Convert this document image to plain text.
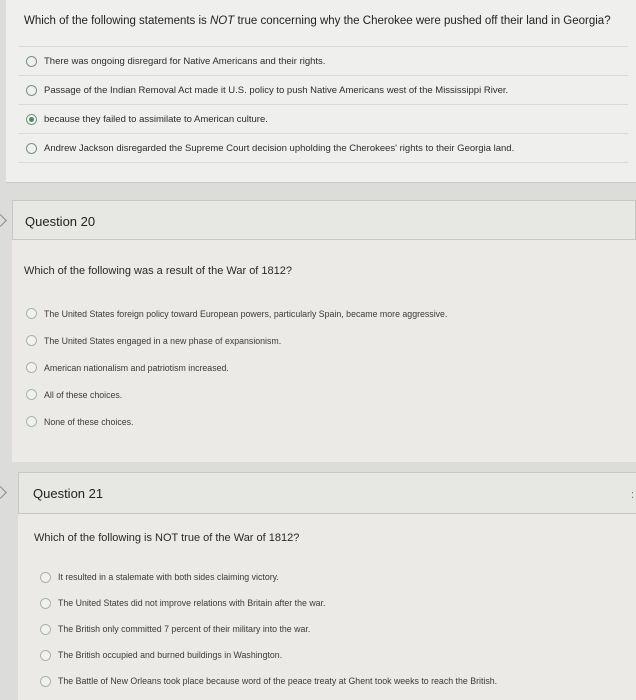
Which of the following statements is NOT true concerning why the Cherokee were pushed off their land in Georgia?
There was ongoing disregard for Native Americans and their rights.
Passage of the Indian Removal Act made it U.S. policy to push Native Americans west of the Mississippi River.
because they failed to assimilate to American culture.
Andrew Jackson disregarded the Supreme Court decision upholding the Cherokees' rights to their Georgia land.
Question 20
Which of the following was a result of the War of 1812?
The United States foreign policy toward European powers, particularly Spain, became more aggressive.
The United States engaged in a new phase of expansionism.
American nationalism and patriotism increased.
All of these choices.
None of these choices.
Question 21	:
Which of the following is NOT true of the War of 1812?
It resulted in a stalemate with both sides claiming victory.
The United States did not improve relations with Britain after the war.
The British only committed 7 percent of their military into the war.
The British occupied and burned buildings in Washington.
The Battle of New Orleans took place because word of the peace treaty at Ghent took weeks to reach the British.
